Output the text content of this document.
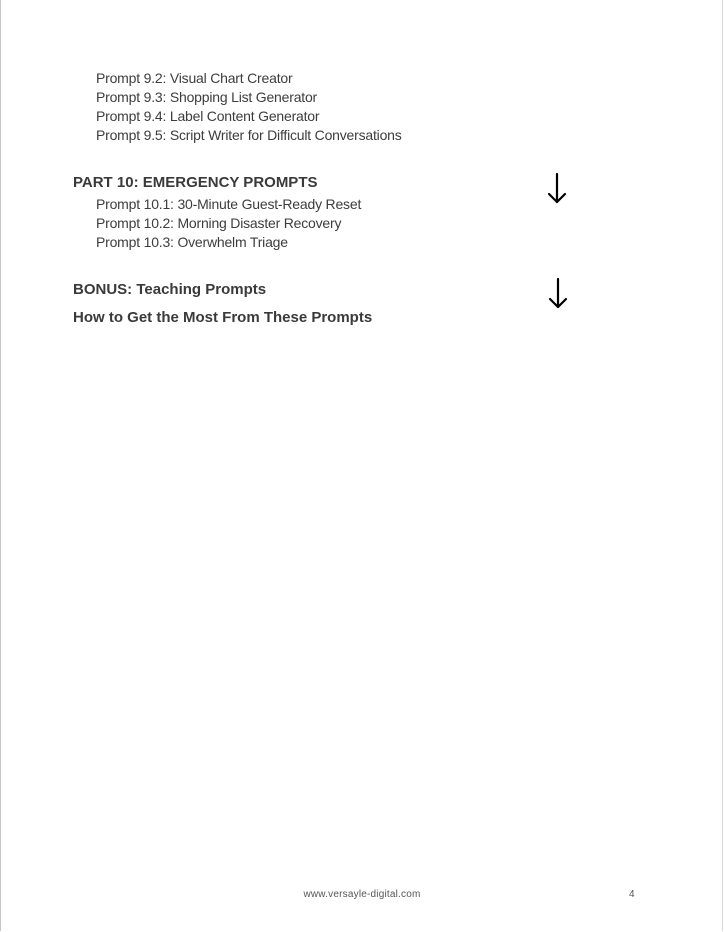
Prompt 9.2: Visual Chart Creator
Prompt 9.3: Shopping List Generator
Prompt 9.4: Label Content Generator
Prompt 9.5: Script Writer for Difficult Conversations
PART 10: EMERGENCY PROMPTS
Prompt 10.1: 30-Minute Guest-Ready Reset
Prompt 10.2: Morning Disaster Recovery
Prompt 10.3: Overwhelm Triage
BONUS: Teaching Prompts
How to Get the Most From These Prompts
www.versayle-digital.com	4
